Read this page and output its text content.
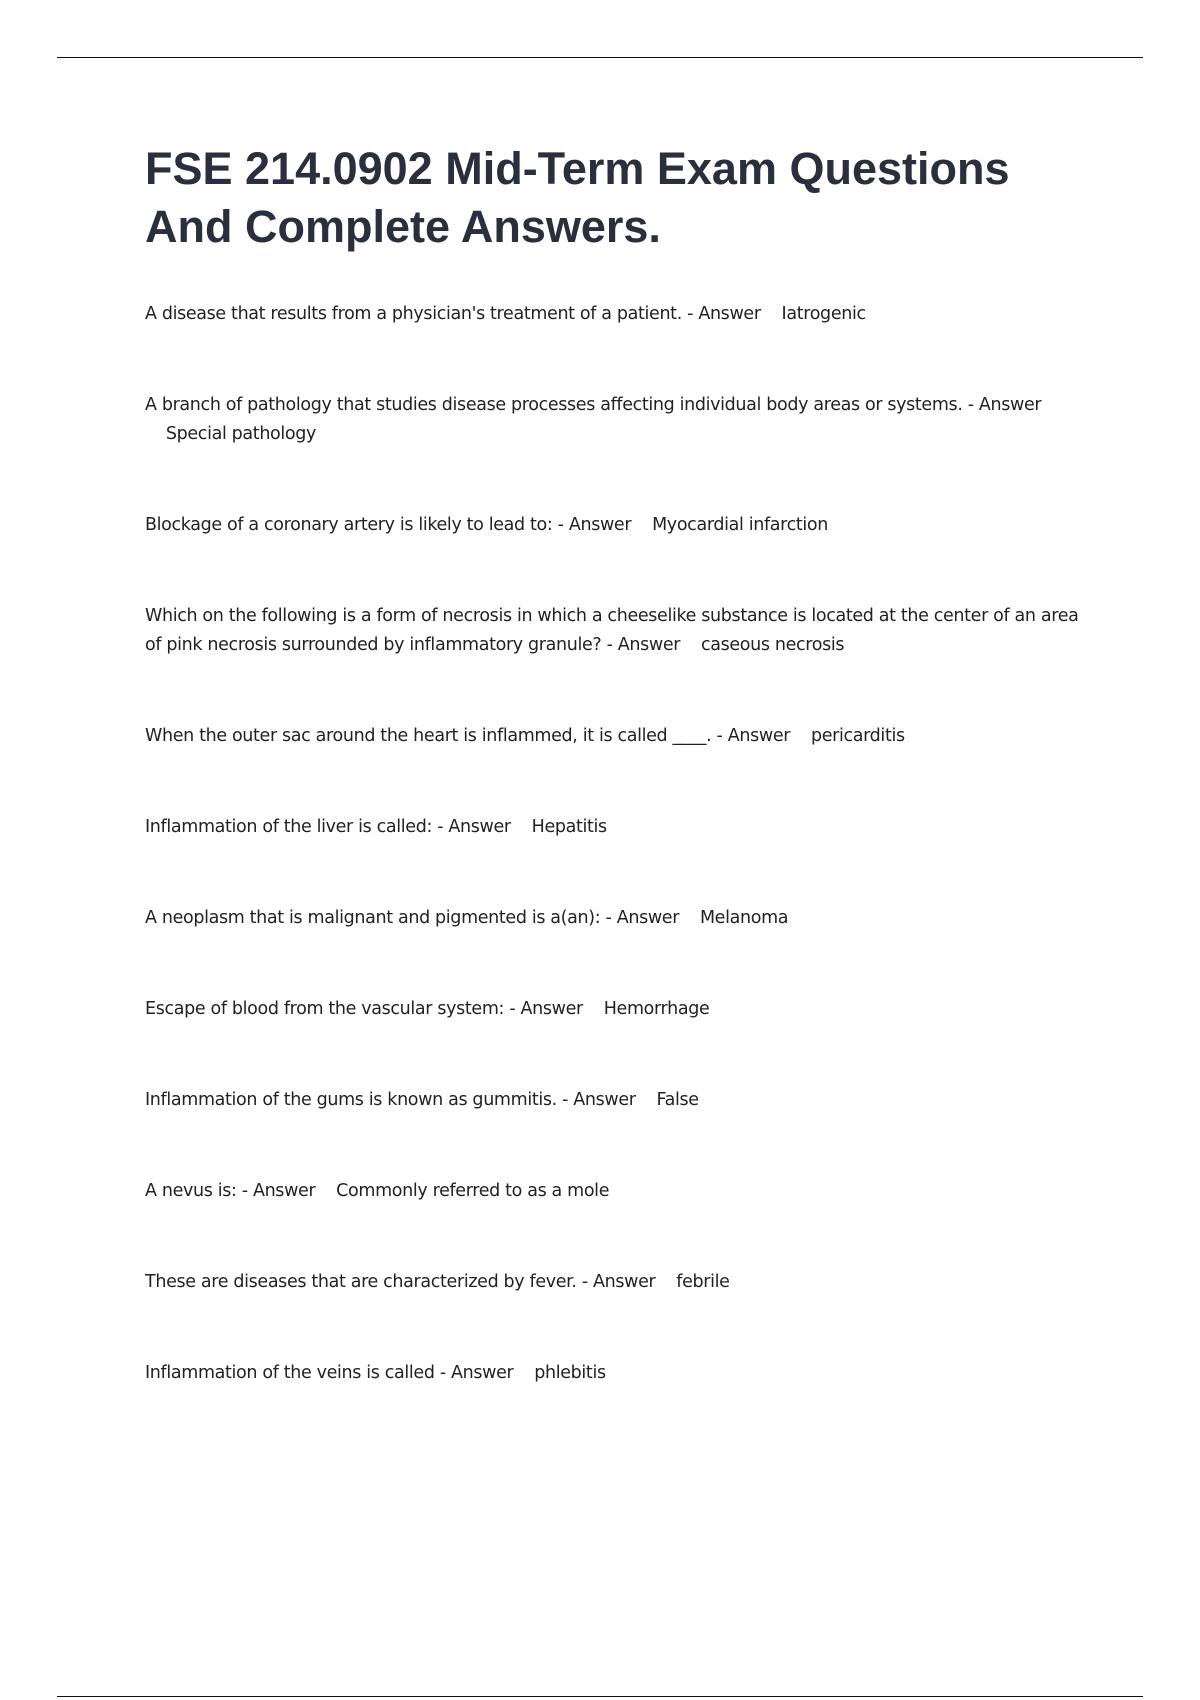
FSE 214.0902 Mid-Term Exam Questions And Complete Answers.
A disease that results from a physician's treatment of a patient. - Answer Iatrogenic
A branch of pathology that studies disease processes affecting individual body areas or systems. - Answer    Special pathology
Blockage of a coronary artery is likely to lead to: - Answer Myocardial infarction
Which on the following is a form of necrosis in which a cheeselike substance is located at the center of an area of pink necrosis surrounded by inflammatory granule? - Answer caseous necrosis
When the outer sac around the heart is inflammed, it is called ____. - Answer pericarditis
Inflammation of the liver is called: - Answer Hepatitis
A neoplasm that is malignant and pigmented is a(an): - Answer Melanoma
Escape of blood from the vascular system: - Answer Hemorrhage
Inflammation of the gums is known as gummitis. - Answer False
A nevus is: - Answer Commonly referred to as a mole
These are diseases that are characterized by fever. - Answer febrile
Inflammation of the veins is called - Answer phlebitis
